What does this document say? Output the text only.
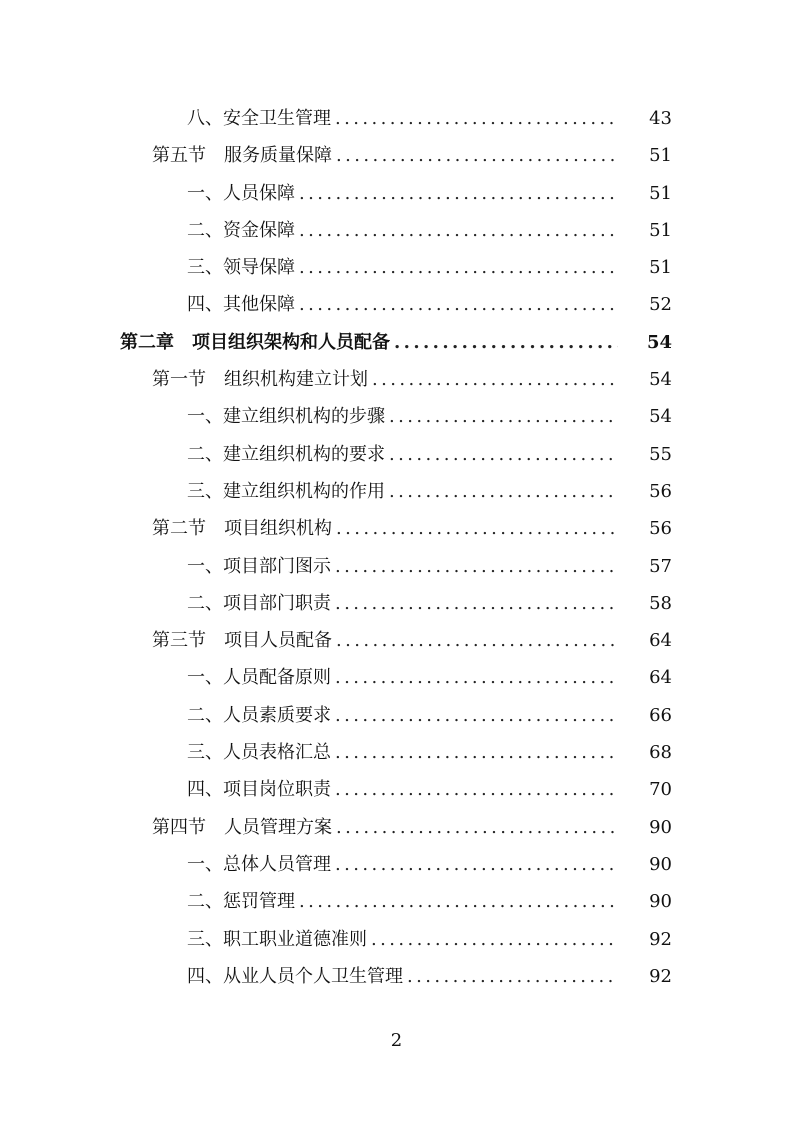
八、安全卫生管理 .....	43
第五节　服务质量保障 .....	51
一、人员保障 .....	51
二、资金保障 .....	51
三、领导保障 .....	51
四、其他保障 .....	52
第二章　项目组织架构和人员配备 .....	54
第一节　组织机构建立计划 .....	54
一、建立组织机构的步骤 .....	54
二、建立组织机构的要求 .....	55
三、建立组织机构的作用 .....	56
第二节　项目组织机构 .....	56
一、项目部门图示 .....	57
二、项目部门职责 .....	58
第三节　项目人员配备 .....	64
一、人员配备原则 .....	64
二、人员素质要求 .....	66
三、人员表格汇总 .....	68
四、项目岗位职责 .....	70
第四节　人员管理方案 .....	90
一、总体人员管理 .....	90
二、惩罚管理 .....	90
三、职工职业道德准则 .....	92
四、从业人员个人卫生管理 .....	92
2
